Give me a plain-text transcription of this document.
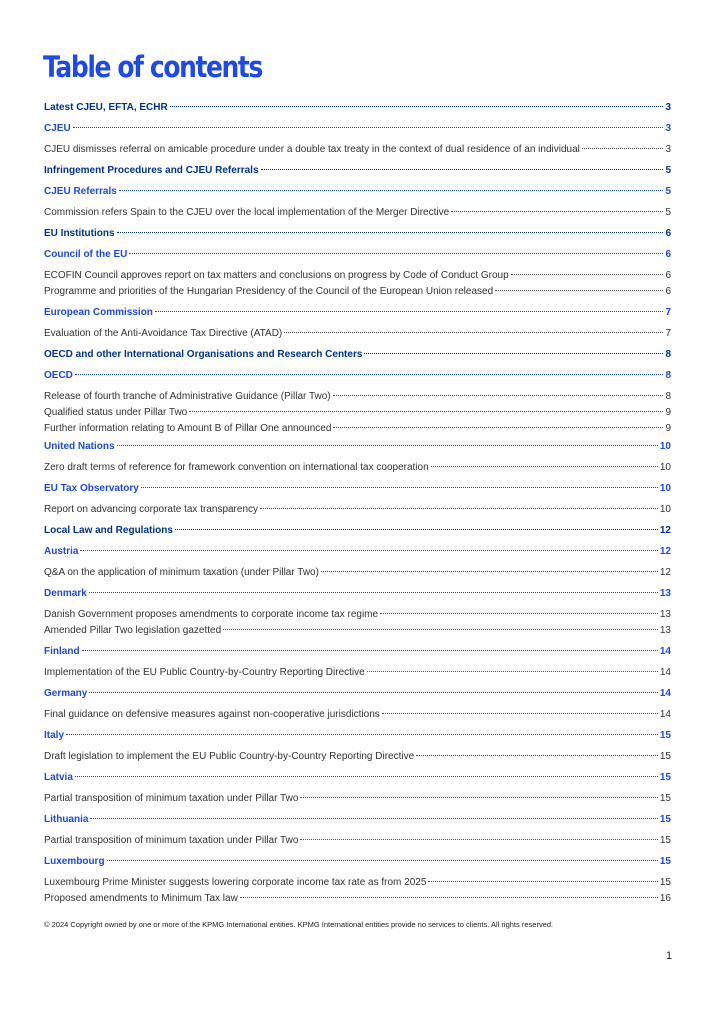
Table of contents
Latest CJEU, EFTA, ECHR	3
CJEU	3
CJEU dismisses referral on amicable procedure under a double tax treaty in the context of dual residence of an individual	3
Infringement Procedures and CJEU Referrals	5
CJEU Referrals	5
Commission refers Spain to the CJEU over the local implementation of the Merger Directive	5
EU Institutions	6
Council of the EU	6
ECOFIN Council approves report on tax matters and conclusions on progress by Code of Conduct Group	6
Programme and priorities of the Hungarian Presidency of the Council of the European Union released	6
European Commission	7
Evaluation of the Anti-Avoidance Tax Directive (ATAD)	7
OECD and other International Organisations and Research Centers	8
OECD	8
Release of fourth tranche of Administrative Guidance (Pillar Two)	8
Qualified status under Pillar Two	9
Further information relating to Amount B of Pillar One announced	9
United Nations	10
Zero draft terms of reference for framework convention on international tax cooperation	10
EU Tax Observatory	10
Report on advancing corporate tax transparency	10
Local Law and Regulations	12
Austria	12
Q&A on the application of minimum taxation (under Pillar Two)	12
Denmark	13
Danish Government proposes amendments to corporate income tax regime	13
Amended Pillar Two legislation gazetted	13
Finland	14
Implementation of the EU Public Country-by-Country Reporting Directive	14
Germany	14
Final guidance on defensive measures against non-cooperative jurisdictions	14
Italy	15
Draft legislation to implement the EU Public Country-by-Country Reporting Directive	15
Latvia	15
Partial transposition of minimum taxation under Pillar Two	15
Lithuania	15
Partial transposition of minimum taxation under Pillar Two	15
Luxembourg	15
Luxembourg Prime Minister suggests lowering corporate income tax rate as from 2025	15
Proposed amendments to Minimum Tax law	16
© 2024 Copyright owned by one or more of the KPMG International entities. KPMG International entities provide no services to clients. All rights reserved.
1
